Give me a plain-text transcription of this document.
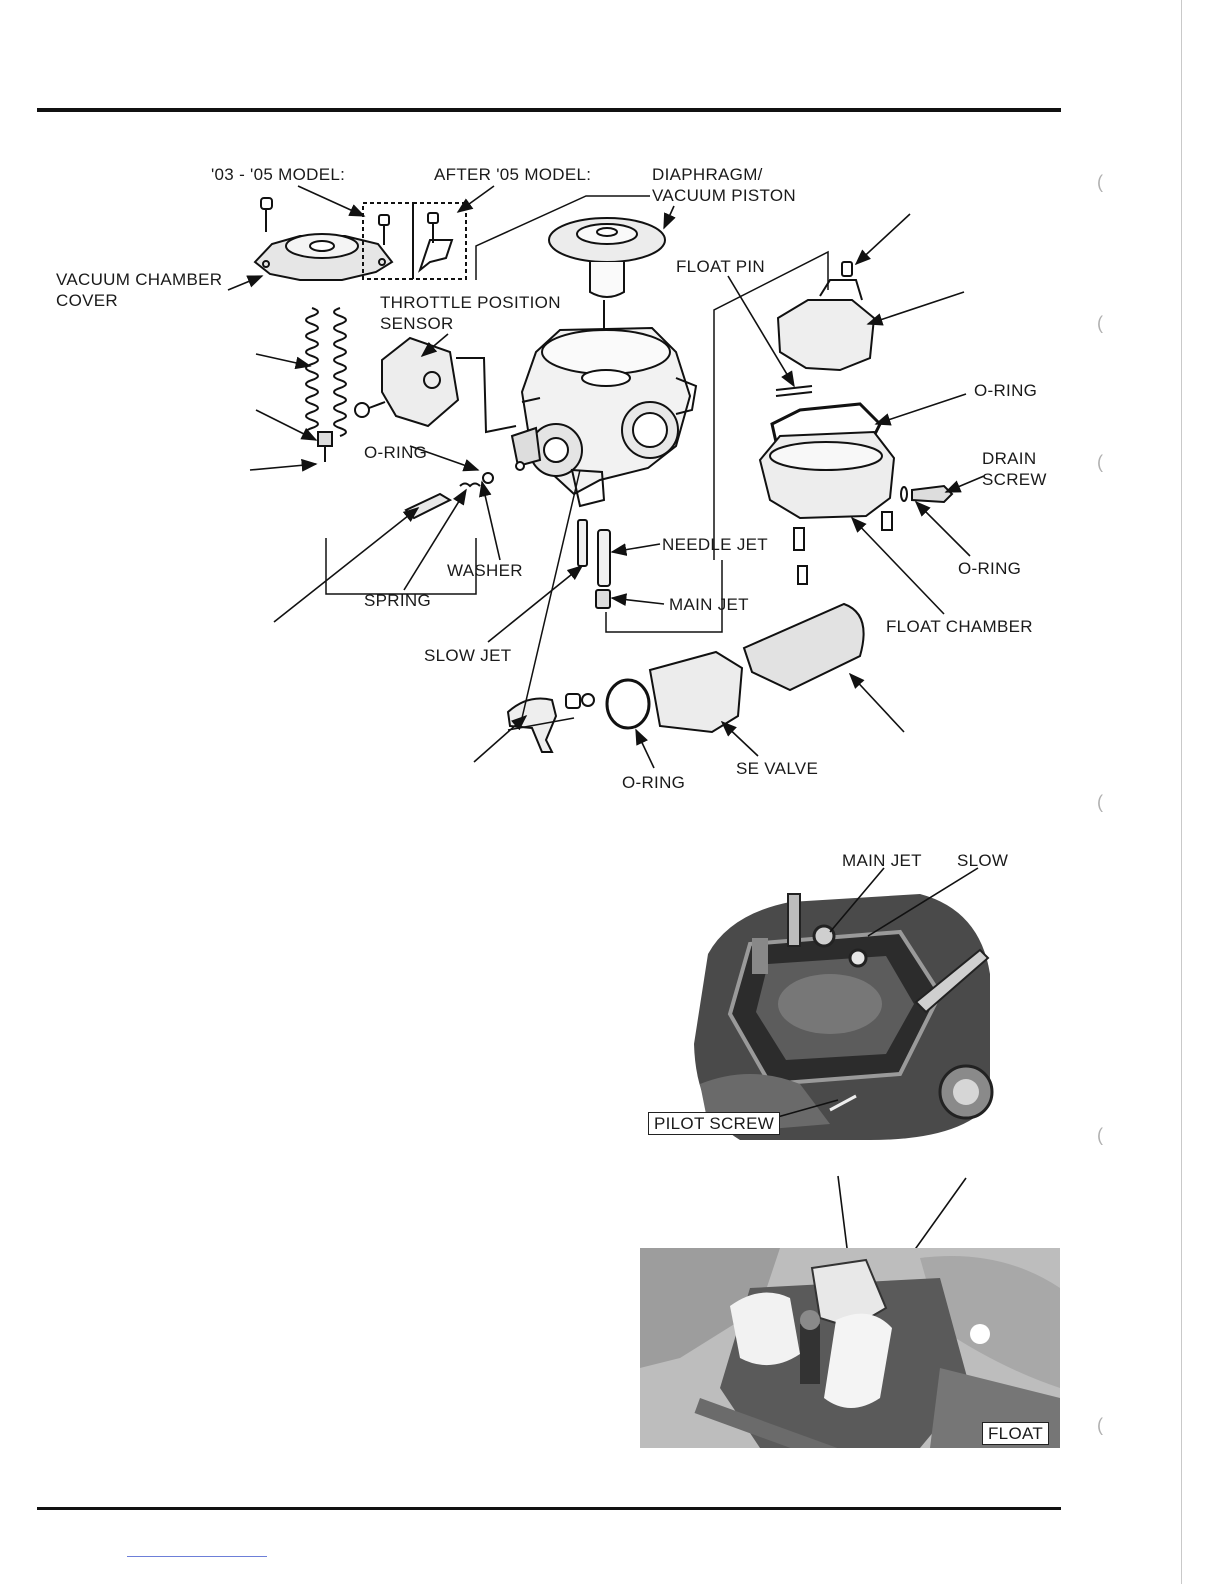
(
(
(
(
(
(
'03 - '05 MODEL:	AFTER '05 MODEL:	DIAPHRAGM/
VACUUM PISTON
VACUUM CHAMBER
COVER	THROTTLE POSITION
SENSOR
FLOAT PIN
O-RING
DRAIN
SCREW
O-RING
WASHER
SPRING
NEEDLE JET
MAIN JET
SLOW JET
O-RING
FLOAT CHAMBER
O-RING
SE VALVE
MAIN JET SLOW
PILOT SCREW
FLOAT
